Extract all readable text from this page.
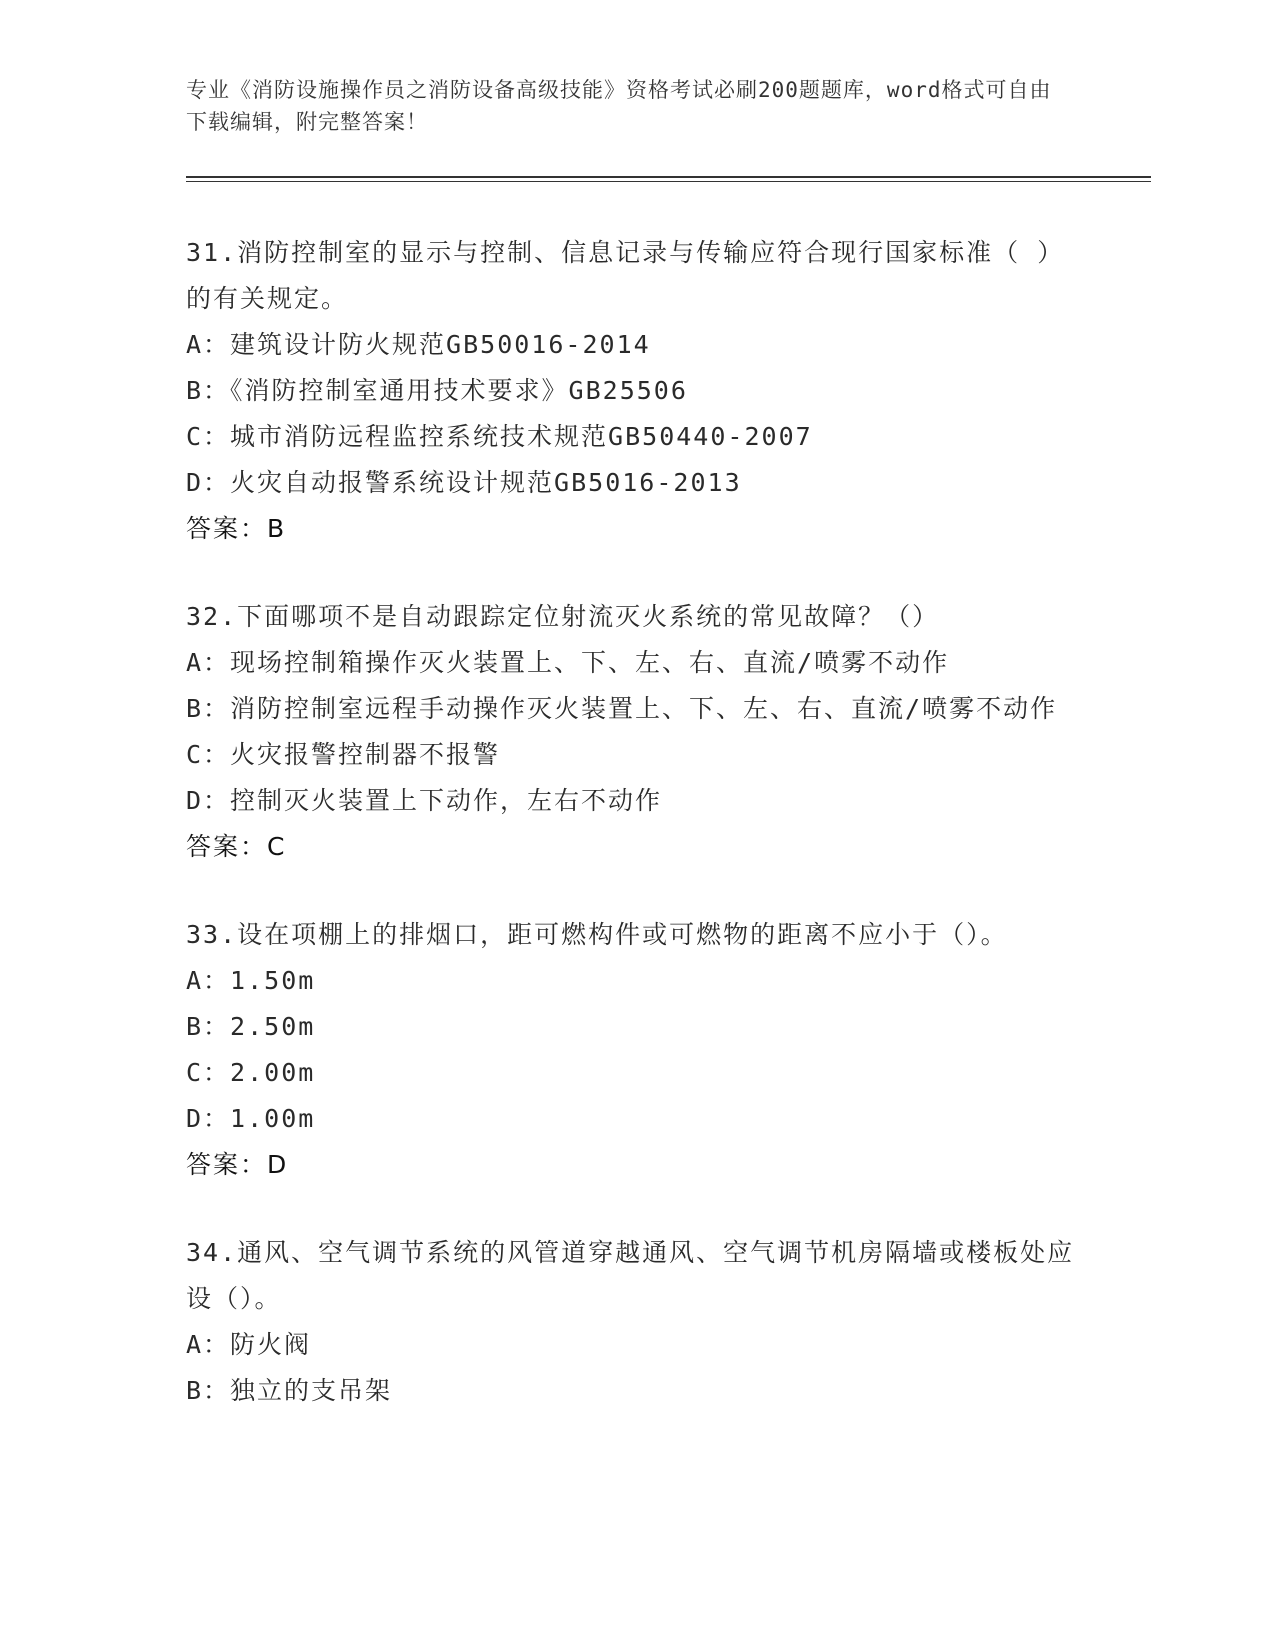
专业《消防设施操作员之消防设备高级技能》资格考试必刷200题题库，word格式可自由下载编辑，附完整答案！

31.消防控制室的显示与控制、信息记录与传输应符合现行国家标准（ ）的有关规定。

A：建筑设计防火规范GB50016-2014

B：《消防控制室通用技术要求》GB25506

C：城市消防远程监控系统技术规范GB50440-2007

D：火灾自动报警系统设计规范GB5016-2013

答案：B

32.下面哪项不是自动跟踪定位射流灭火系统的常见故障？（）

A：现场控制箱操作灭火装置上、下、左、右、直流/喷雾不动作

B：消防控制室远程手动操作灭火装置上、下、左、右、直流/喷雾不动作

C：火灾报警控制器不报警

D：控制灭火装置上下动作，左右不动作

答案：C

33.设在项棚上的排烟口，距可燃构件或可燃物的距离不应小于（）。

A：1.50m

B：2.50m

C：2.00m

D：1.00m

答案：D

34.通风、空气调节系统的风管道穿越通风、空气调节机房隔墙或楼板处应设（）。

A：防火阀

B：独立的支吊架
